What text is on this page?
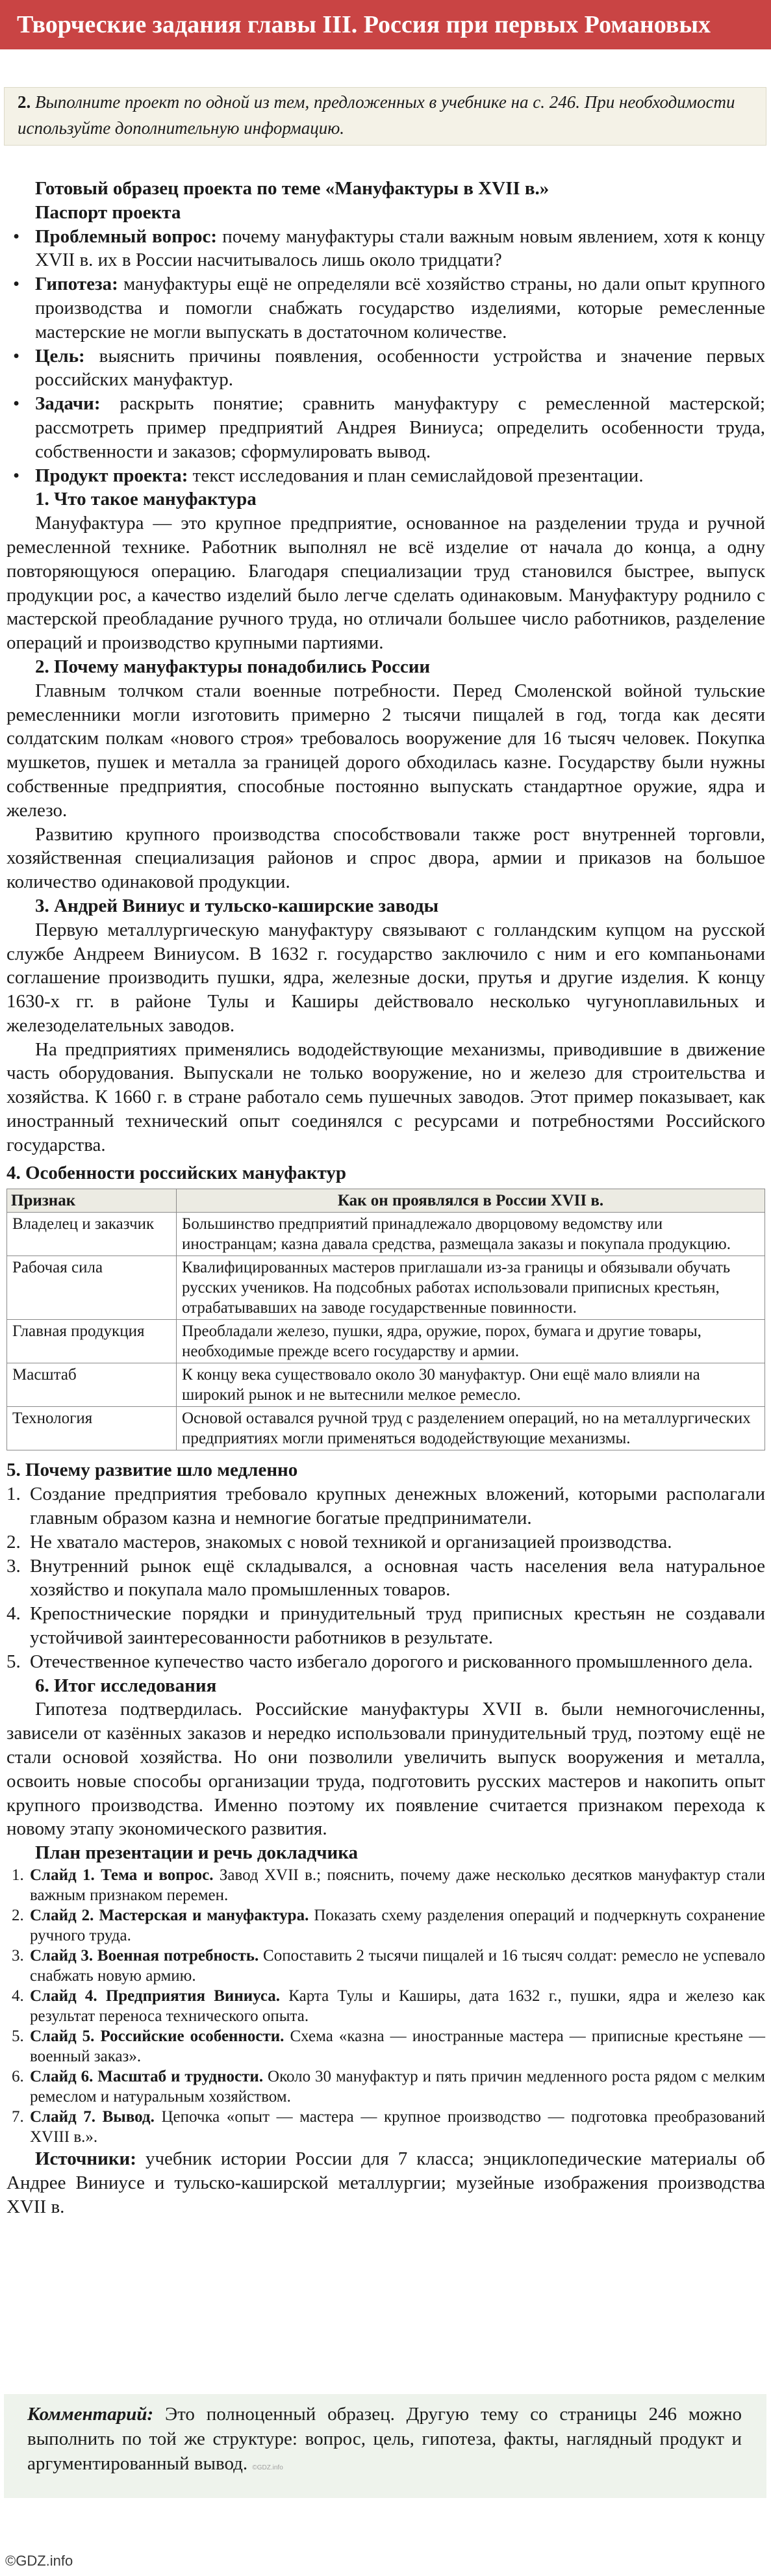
Творческие задания главы III. Россия при первых Романовых
2. Выполните проект по одной из тем, предложенных в учебнике на с. 246. При необходимости используйте дополнительную информацию.
Готовый образец проекта по теме «Мануфактуры в XVII в.»
Паспорт проекта
• Проблемный вопрос: почему мануфактуры стали важным новым явлением, хотя к концу XVII в. их в России насчитывалось лишь около тридцати?
• Гипотеза: мануфактуры ещё не определяли всё хозяйство страны, но дали опыт крупного производства и помогли снабжать государство изделиями, которые ремесленные мастерские не могли выпускать в достаточном количестве.
• Цель: выяснить причины появления, особенности устройства и значение первых российских мануфактур.
• Задачи: раскрыть понятие; сравнить мануфактуру с ремесленной мастерской; рассмотреть пример предприятий Андрея Виниуса; определить особенности труда, собственности и заказов; сформулировать вывод.
• Продукт проекта: текст исследования и план семислайдовой презентации.
1. Что такое мануфактура
Мануфактура — это крупное предприятие, основанное на разделении труда и ручной ремесленной технике. Работник выполнял не всё изделие от начала до конца, а одну повторяющуюся операцию. Благодаря специализации труд становился быстрее, выпуск продукции рос, а качество изделий было легче сделать одинаковым. Мануфактуру роднило с мастерской преобладание ручного труда, но отличали большее число работников, разделение операций и производство крупными партиями.
2. Почему мануфактуры понадобились России
Главным толчком стали военные потребности. Перед Смоленской войной тульские ремесленники могли изготовить примерно 2 тысячи пищалей в год, тогда как десяти солдатским полкам «нового строя» требовалось вооружение для 16 тысяч человек. Покупка мушкетов, пушек и металла за границей дорого обходилась казне. Государству были нужны собственные предприятия, способные постоянно выпускать стандартное оружие, ядра и железо.
Развитию крупного производства способствовали также рост внутренней торговли, хозяйственная специализация районов и спрос двора, армии и приказов на большое количество одинаковой продукции.
3. Андрей Виниус и тульско-каширские заводы
Первую металлургическую мануфактуру связывают с голландским купцом на русской службе Андреем Виниусом. В 1632 г. государство заключило с ним и его компаньонами соглашение производить пушки, ядра, железные доски, прутья и другие изделия. К концу 1630-х гг. в районе Тулы и Каширы действовало несколько чугуноплавильных и железоделательных заводов.
На предприятиях применялись вододействующие механизмы, приводившие в движение часть оборудования. Выпускали не только вооружение, но и железо для строительства и хозяйства. К 1660 г. в стране работало семь пушечных заводов. Этот пример показывает, как иностранный технический опыт соединялся с ресурсами и потребностями Российского государства.
4. Особенности российских мануфактур
Признак	Как он проявлялся в России XVII в.
Владелец и заказчик	Большинство предприятий принадлежало дворцовому ведомству или иностранцам; казна давала средства, размещала заказы и покупала продукцию.
Рабочая сила	Квалифицированных мастеров приглашали из-за границы и обязывали обучать русских учеников. На подсобных работах использовали приписных крестьян, отрабатывавших на заводе государственные повинности.
Главная продукция	Преобладали железо, пушки, ядра, оружие, порох, бумага и другие товары, необходимые прежде всего государству и армии.
Масштаб	К концу века существовало около 30 мануфактур. Они ещё мало влияли на широкий рынок и не вытеснили мелкое ремесло.
Технология	Основой оставался ручной труд с разделением операций, но на металлургических предприятиях могли применяться вододействующие механизмы.
5. Почему развитие шло медленно
1. Создание предприятия требовало крупных денежных вложений, которыми располагали главным образом казна и немногие богатые предприниматели.
2. Не хватало мастеров, знакомых с новой техникой и организацией производства.
3. Внутренний рынок ещё складывался, а основная часть населения вела натуральное хозяйство и покупала мало промышленных товаров.
4. Крепостнические порядки и принудительный труд приписных крестьян не создавали устойчивой заинтересованности работников в результате.
5. Отечественное купечество часто избегало дорогого и рискованного промышленного дела.
6. Итог исследования
Гипотеза подтвердилась. Российские мануфактуры XVII в. были немногочисленны, зависели от казённых заказов и нередко использовали принудительный труд, поэтому ещё не стали основой хозяйства. Но они позволили увеличить выпуск вооружения и металла, освоить новые способы организации труда, подготовить русских мастеров и накопить опыт крупного производства. Именно поэтому их появление считается признаком перехода к новому этапу экономического развития.
План презентации и речь докладчика
1. Слайд 1. Тема и вопрос. Завод XVII в.; пояснить, почему даже несколько десятков мануфактур стали важным признаком перемен.
2. Слайд 2. Мастерская и мануфактура. Показать схему разделения операций и подчеркнуть сохранение ручного труда.
3. Слайд 3. Военная потребность. Сопоставить 2 тысячи пищалей и 16 тысяч солдат: ремесло не успевало снабжать новую армию.
4. Слайд 4. Предприятия Виниуса. Карта Тулы и Каширы, дата 1632 г., пушки, ядра и железо как результат переноса технического опыта.
5. Слайд 5. Российские особенности. Схема «казна — иностранные мастера — приписные крестьяне — военный заказ».
6. Слайд 6. Масштаб и трудности. Около 30 мануфактур и пять причин медленного роста рядом с мелким ремеслом и натуральным хозяйством.
7. Слайд 7. Вывод. Цепочка «опыт — мастера — крупное производство — подготовка преобразований XVIII в.».
Источники: учебник истории России для 7 класса; энциклопедические материалы об Андрее Виниусе и тульско-каширской металлургии; музейные изображения производства XVII в.
Комментарий: Это полноценный образец. Другую тему со страницы 246 можно выполнить по той же структуре: вопрос, цель, гипотеза, факты, наглядный продукт и аргументированный вывод. ©GDZ.info
©GDZ.info
